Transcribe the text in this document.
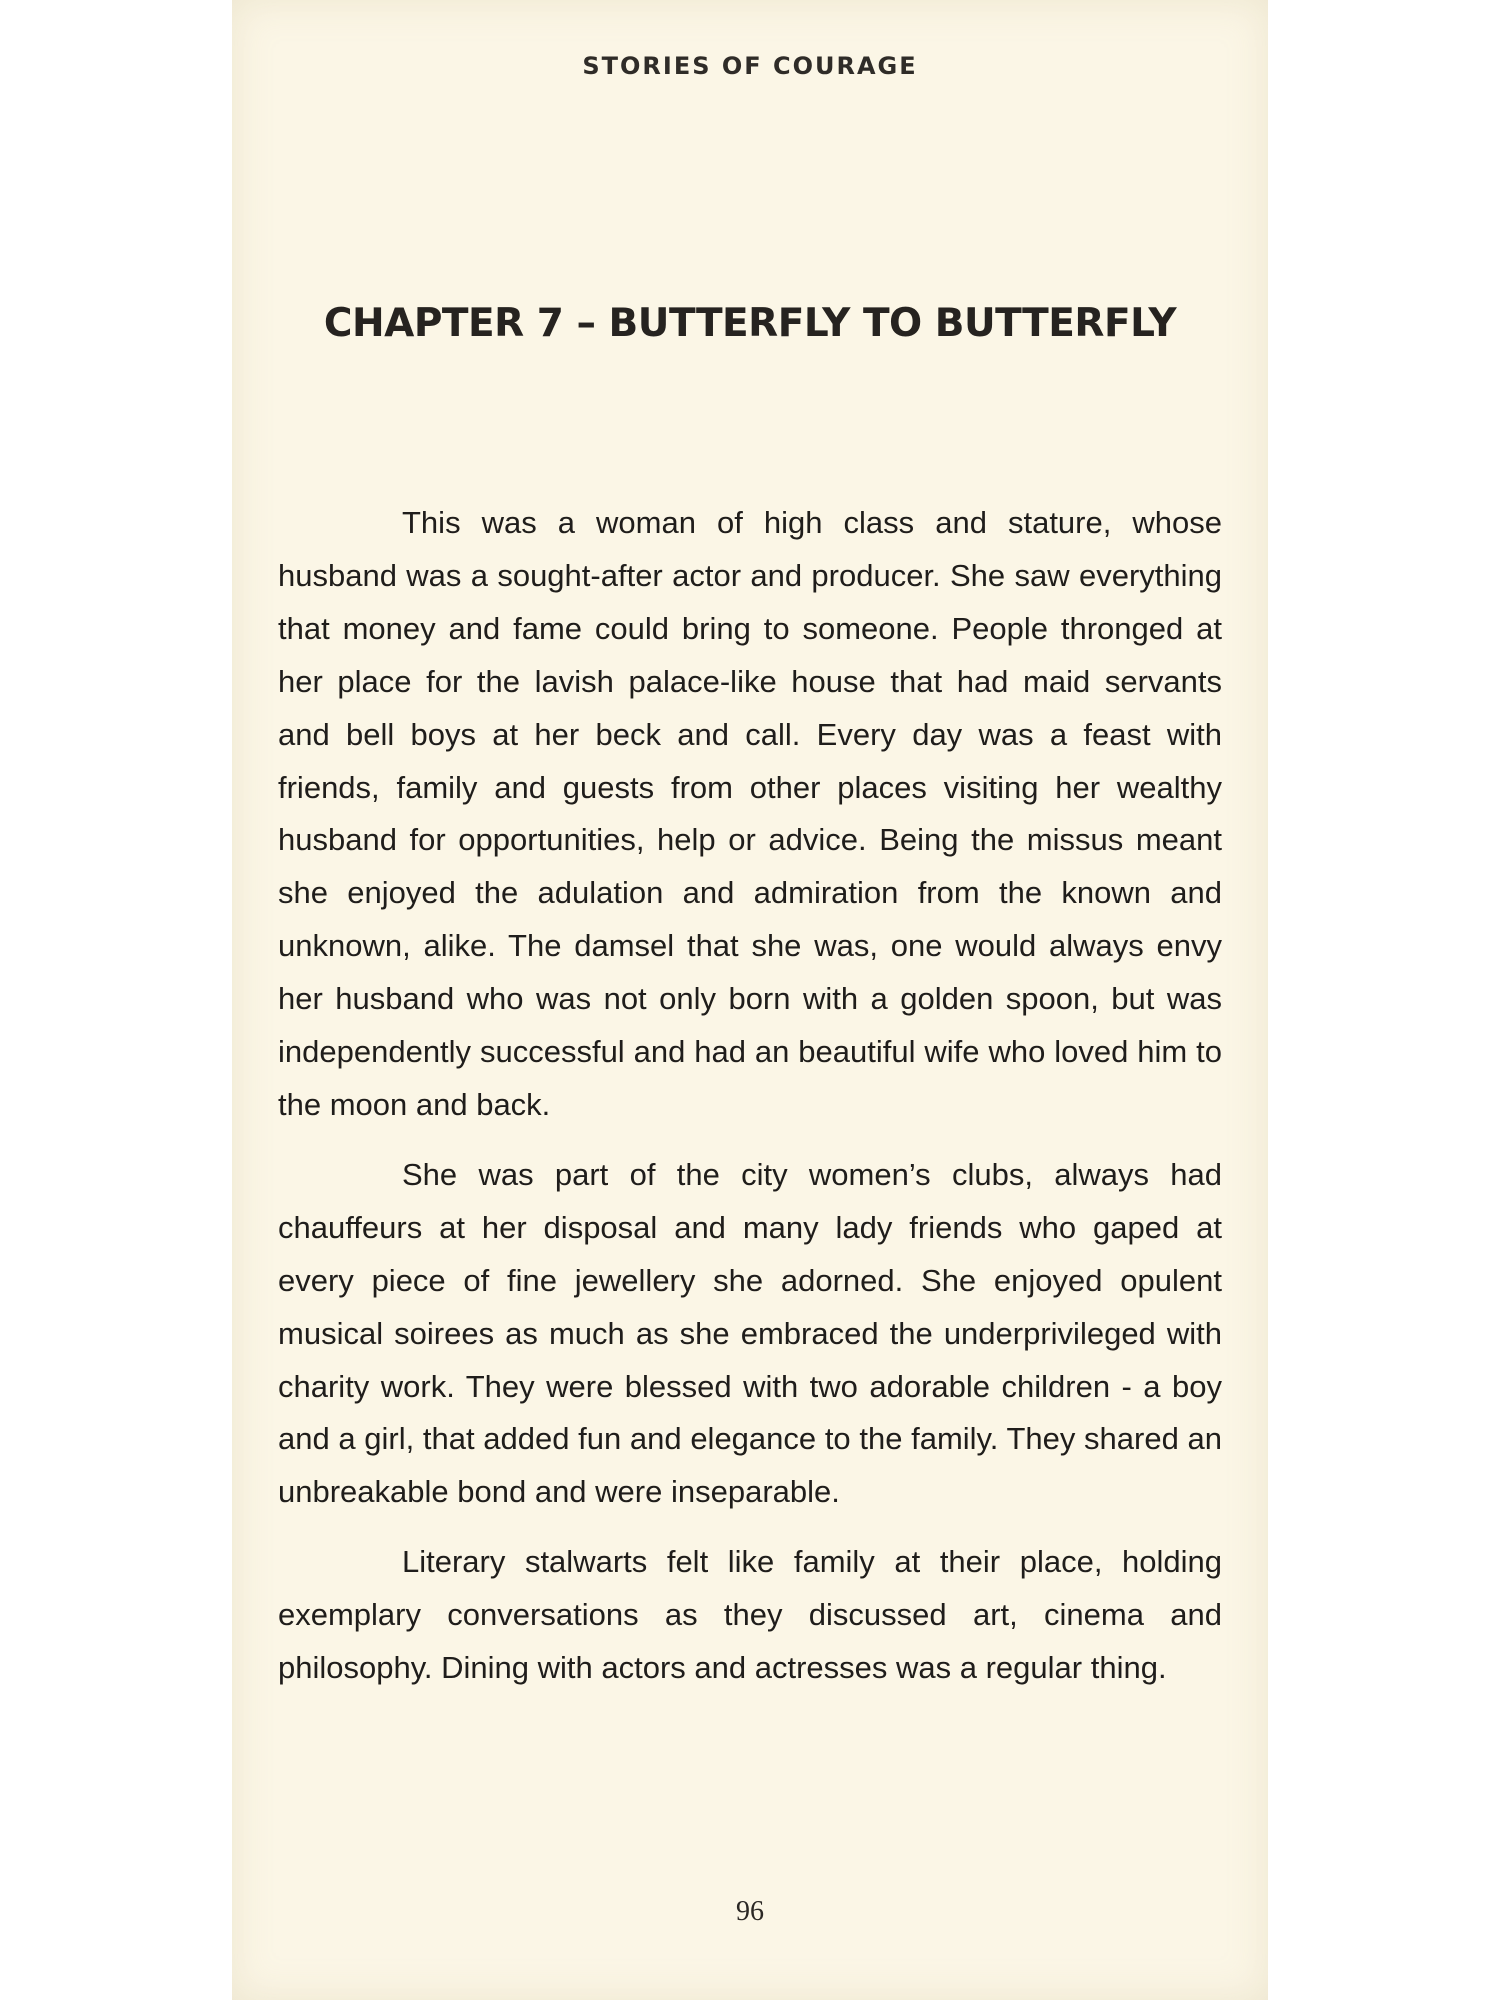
STORIES OF COURAGE
CHAPTER 7 – BUTTERFLY TO BUTTERFLY

This was a woman of high class and stature, whose husband was a sought-after actor and producer. She saw everything that money and fame could bring to someone. People thronged at her place for the lavish palace-like house that had maid servants and bell boys at her beck and call. Every day was a feast with friends, family and guests from other places visiting her wealthy husband for opportunities, help or advice. Being the missus meant she enjoyed the adulation and admiration from the known and unknown, alike. The damsel that she was, one would always envy her husband who was not only born with a golden spoon, but was independently successful and had an beautiful wife who loved him to the moon and back.

She was part of the city women’s clubs, always had chauffeurs at her disposal and many lady friends who gaped at every piece of fine jewellery she adorned. She enjoyed opulent musical soirees as much as she embraced the underprivileged with charity work. They were blessed with two adorable children - a boy and a girl, that added fun and elegance to the family. They shared an unbreakable bond and were inseparable.

Literary stalwarts felt like family at their place, holding exemplary conversations as they discussed art, cinema and philosophy. Dining with actors and actresses was a regular thing.

96
